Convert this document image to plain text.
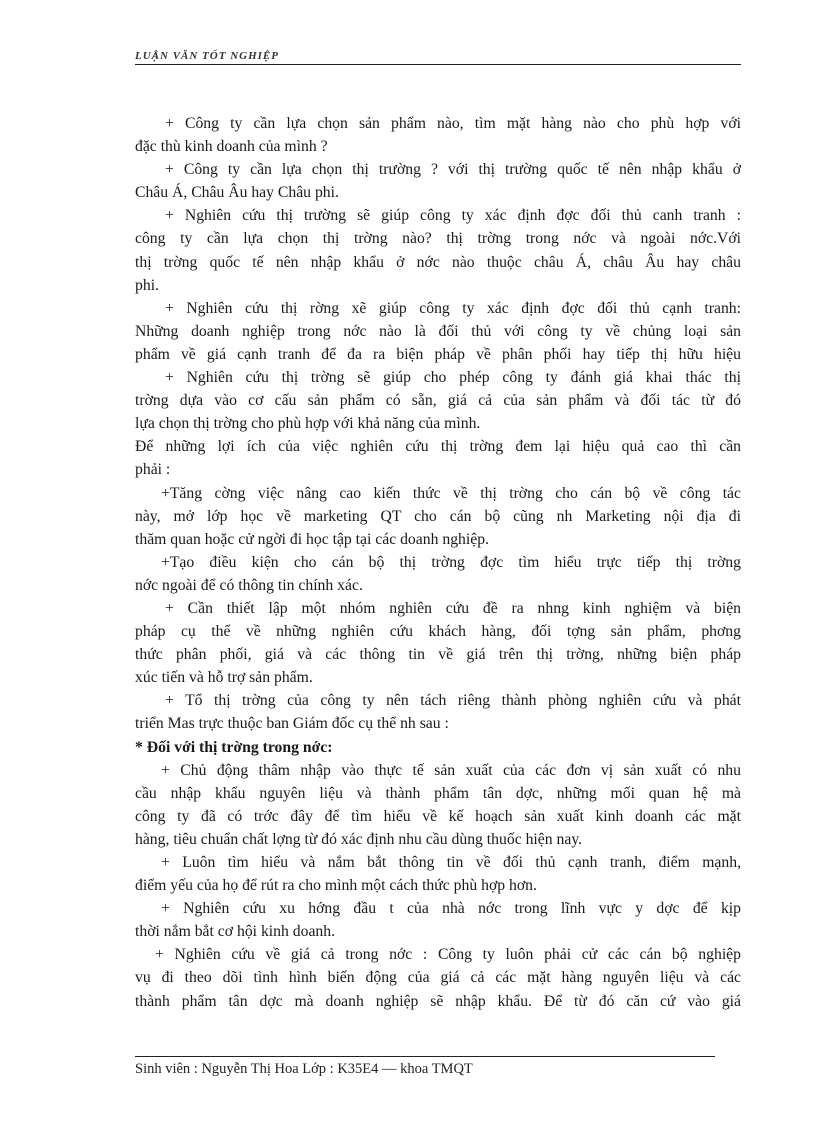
LUẬN VĂN TỐT NGHIỆP
+ Công ty cần lựa chọn sản phẩm nào, tìm mặt hàng nào cho phù hợp với
đặc thù kinh doanh của mình ?
+ Công ty cần lựa chọn thị trường ? với thị trường quốc tế nên nhập khẩu ở
Châu Á, Châu Âu hay Châu phi.
+ Nghiên cứu thị trường sẽ giúp công ty xác định đợc đối thủ canh tranh :
công ty cần lựa chọn thị trờng nào? thị trờng trong nớc và ngoài nớc.Với
thị trờng quốc tế nên nhập khẩu ở nớc nào thuộc châu Á, châu Âu hay châu
phi.
+ Nghiên cứu thị rờng xẽ giúp công ty xác định đợc đối thủ cạnh tranh:
Những doanh nghiệp trong nớc nào là đối thủ với công ty về chủng loại sản
phẩm về giá cạnh tranh để đa ra biện pháp về phân phối hay tiếp thị hữu hiệu
+ Nghiên cứu thị trờng sẽ giúp cho phép công ty đánh giá khai thác thị
trờng dựa vào cơ cấu sản phẩm có sẵn, giá cả của sản phẩm và đối tác từ đó
lựa chọn thị trờng cho phù hợp với khả năng của mình.
Để những lợi ích của việc nghiên cứu thị trờng đem lại hiệu quả cao thì cần
phải :
+Tăng cờng việc nâng cao kiến thức về thị trờng cho cán bộ về công tác
này, mở lớp học về marketing QT cho cán bộ cũng nh Marketing nội địa đi
thăm quan hoặc cử ngời đi học tập tại các doanh nghiệp.
+Tạo điều kiện cho cán bộ thị trờng đợc tìm hiểu trực tiếp thị trờng
nớc ngoài để có thông tin chính xác.
+ Cần thiết lập một nhóm nghiên cứu đề ra nhng kinh nghiệm và biện
pháp cụ thể về những nghiên cứu khách hàng, đối tợng sản phẩm, phơng
thức phân phối, giá và các thông tin về giá trên thị trờng, những biện pháp
xúc tiến và hỗ trợ sản phẩm.
+ Tổ thị trờng của công ty nên tách riêng thành phòng nghiên cứu và phát
triển Mas trực thuộc ban Giám đốc cụ thể nh sau :
* Đối với thị trờng trong nớc:
+ Chủ động thâm nhập vào thực tế sản xuất của các đơn vị sản xuất có nhu
cầu nhập khẩu nguyên liệu và thành phẩm tân dợc, những mối quan hệ mà
công ty đã có trớc đây để tìm hiểu về kế hoạch sản xuất kinh doanh các mặt
hàng, tiêu chuẩn chất lợng từ đó xác định nhu cầu dùng thuốc hiện nay.
+ Luôn tìm hiểu và nắm bắt thông tin về đối thủ cạnh tranh, điểm mạnh,
điểm yếu của họ để rút ra cho mình một cách thức phù hợp hơn.
+ Nghiên cứu xu hớng đầu t của nhà nớc trong lĩnh vực y dợc để kịp
thời nắm bắt cơ hội kinh doanh.
+ Nghiên cứu về giá cả trong nớc : Công ty luôn phải cử các cán bộ nghiệp
vụ đi theo dõi tình hình biến động của giá cả các mặt hàng nguyên liệu và các
thành phẩm tân dợc mà doanh nghiệp sẽ nhập khẩu. Để từ đó căn cứ vào giá
Sinh viên : Nguyễn Thị Hoa Lớp : K35E4 — khoa TMQT
